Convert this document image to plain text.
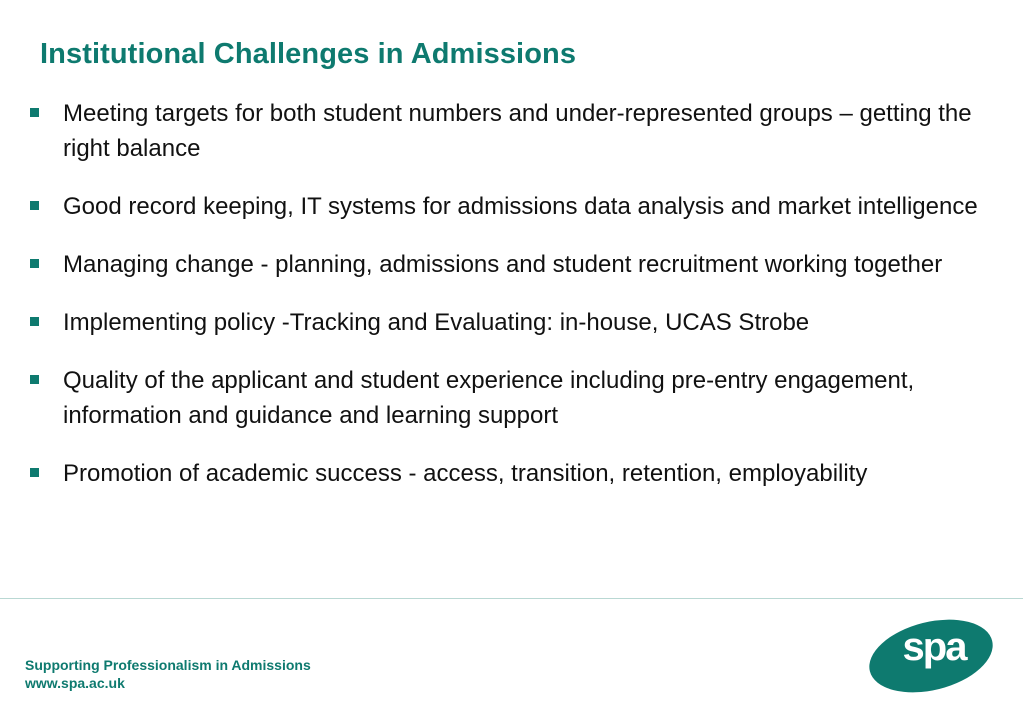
Institutional Challenges in Admissions
Meeting targets for both student numbers and under-represented groups – getting the right balance
Good record keeping, IT systems for admissions data analysis and market intelligence
Managing change - planning, admissions and student recruitment working together
Implementing policy -Tracking and Evaluating: in-house, UCAS Strobe
Quality of the applicant and student experience including pre-entry engagement, information and guidance and learning support
Promotion of academic success - access, transition, retention, employability
Supporting Professionalism in Admissions
www.spa.ac.uk
spa
